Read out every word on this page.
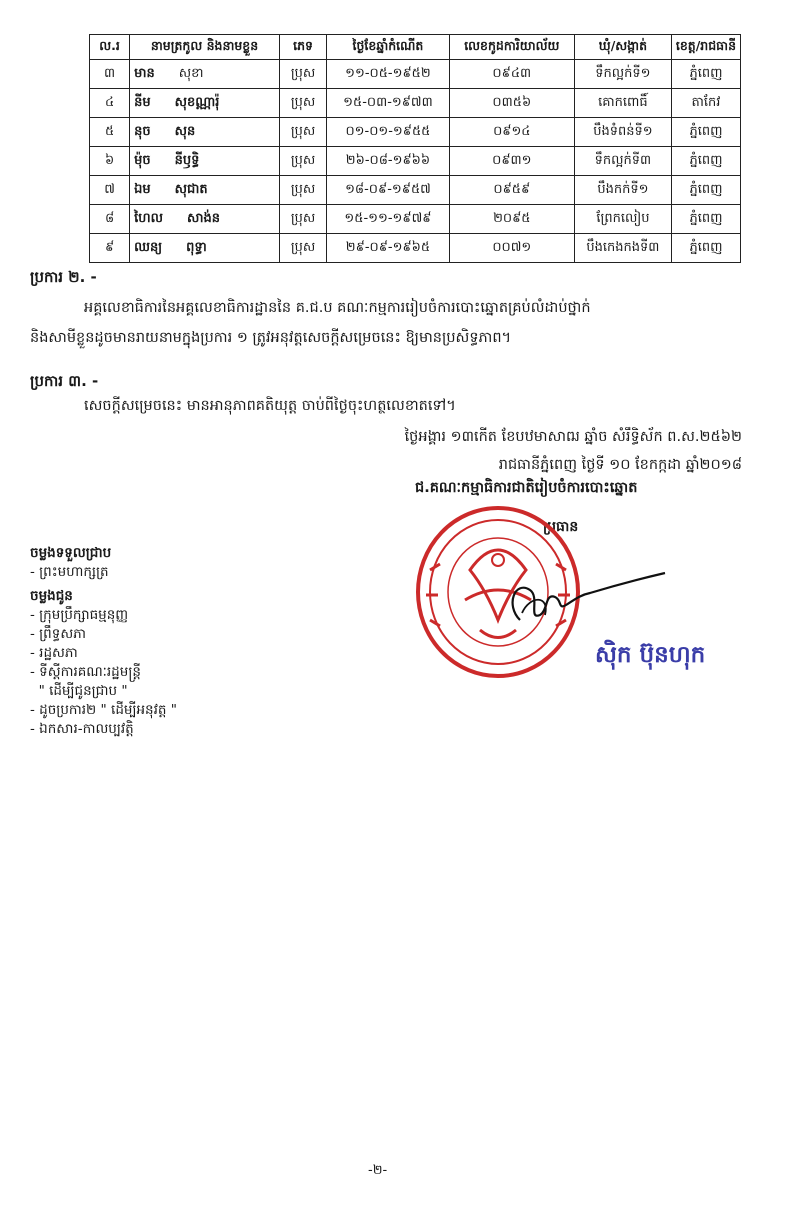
ល.រ	នាមត្រកូល និងនាមខ្លួន	ភេទ	ថ្ងៃខែឆ្នាំកំណើត	លេខកូដការិយាល័យ	ឃុំ/សង្កាត់	ខេត្ត/រាជធានី
៣	មាន សុខា	ប្រុស	១១-០៥-១៩៥២	០៩៤៣	ទឹកល្អក់ទី១	ភ្នំពេញ
៤	នីម សុខណ្ណារ៉ុ	ប្រុស	១៥-០៣-១៩៧៣	០៣៥៦	គោកពោធិ៍	តាកែវ
៥	នុច សុន	ប្រុស	០១-០១-១៩៥៥	០៩១៤	បឹងទំពន់ទី១	ភ្នំពេញ
៦	ម៉ុច នីឫទ្ធិ	ប្រុស	២៦-០៨-១៩៦៦	០៩៣១	ទឹកល្អក់ទី៣	ភ្នំពេញ
៧	ឯម សុជាត	ប្រុស	១៨-០៩-១៩៥៧	០៩៥៩	បឹងកក់ទី១	ភ្នំពេញ
៨	ហៃល សាង់ន	ប្រុស	១៥-១១-១៩៧៩	២០៩៥	ព្រែកលៀប	ភ្នំពេញ
៩	ឈន្យ ពុទ្ធា	ប្រុស	២៩-០៩-១៩៦៥	០០៧១	បឹងកេងកងទី៣	ភ្នំពេញ
ប្រការ ២. -
អគ្គលេខាធិការនៃអគ្គលេខាធិការដ្ឋាននៃ គ.ជ.ប គណៈកម្មការរៀបចំការបោះឆ្នោតគ្រប់លំដាប់ថ្នាក់
និងសាមីខ្លួនដូចមានរាយនាមក្នុងប្រការ ១ ត្រូវអនុវត្តសេចក្ដីសម្រេចនេះ ឱ្យមានប្រសិទ្ធភាព។
ប្រការ ៣. -
សេចក្ដីសម្រេចនេះ មានអានុភាពគតិយុត្ត ចាប់ពីថ្ងៃចុះហត្ថលេខាតទៅ។
ថ្ងៃអង្គារ ១៣កើត ខែបឋមាសាឍ ឆ្នាំច សំរឹទ្ធិស័ក ព.ស.២៥៦២
រាជធានីភ្នំពេញ ថ្ងៃទី ១០ ខែកក្កដា ឆ្នាំ២០១៨
ជ.គណៈកម្មាធិការជាតិរៀបចំការបោះឆ្នោត
ប្រធាន
ស៊ិក ប៊ុនហុក
ចម្លងទទួលជ្រាប
- ព្រះមហាក្សត្រ
ចម្លងជូន
- ក្រុមប្រឹក្សាធម្មនុញ្ញ
- ព្រឹទ្ធសភា
- រដ្ឋសភា
- ទីស្ដីការគណៈរដ្ឋមន្ត្រី
" ដើម្បីជូនជ្រាប "
- ដូចប្រការ២ " ដើម្បីអនុវត្ត "
- ឯកសារ-កាលប្បវត្តិ
-២-
